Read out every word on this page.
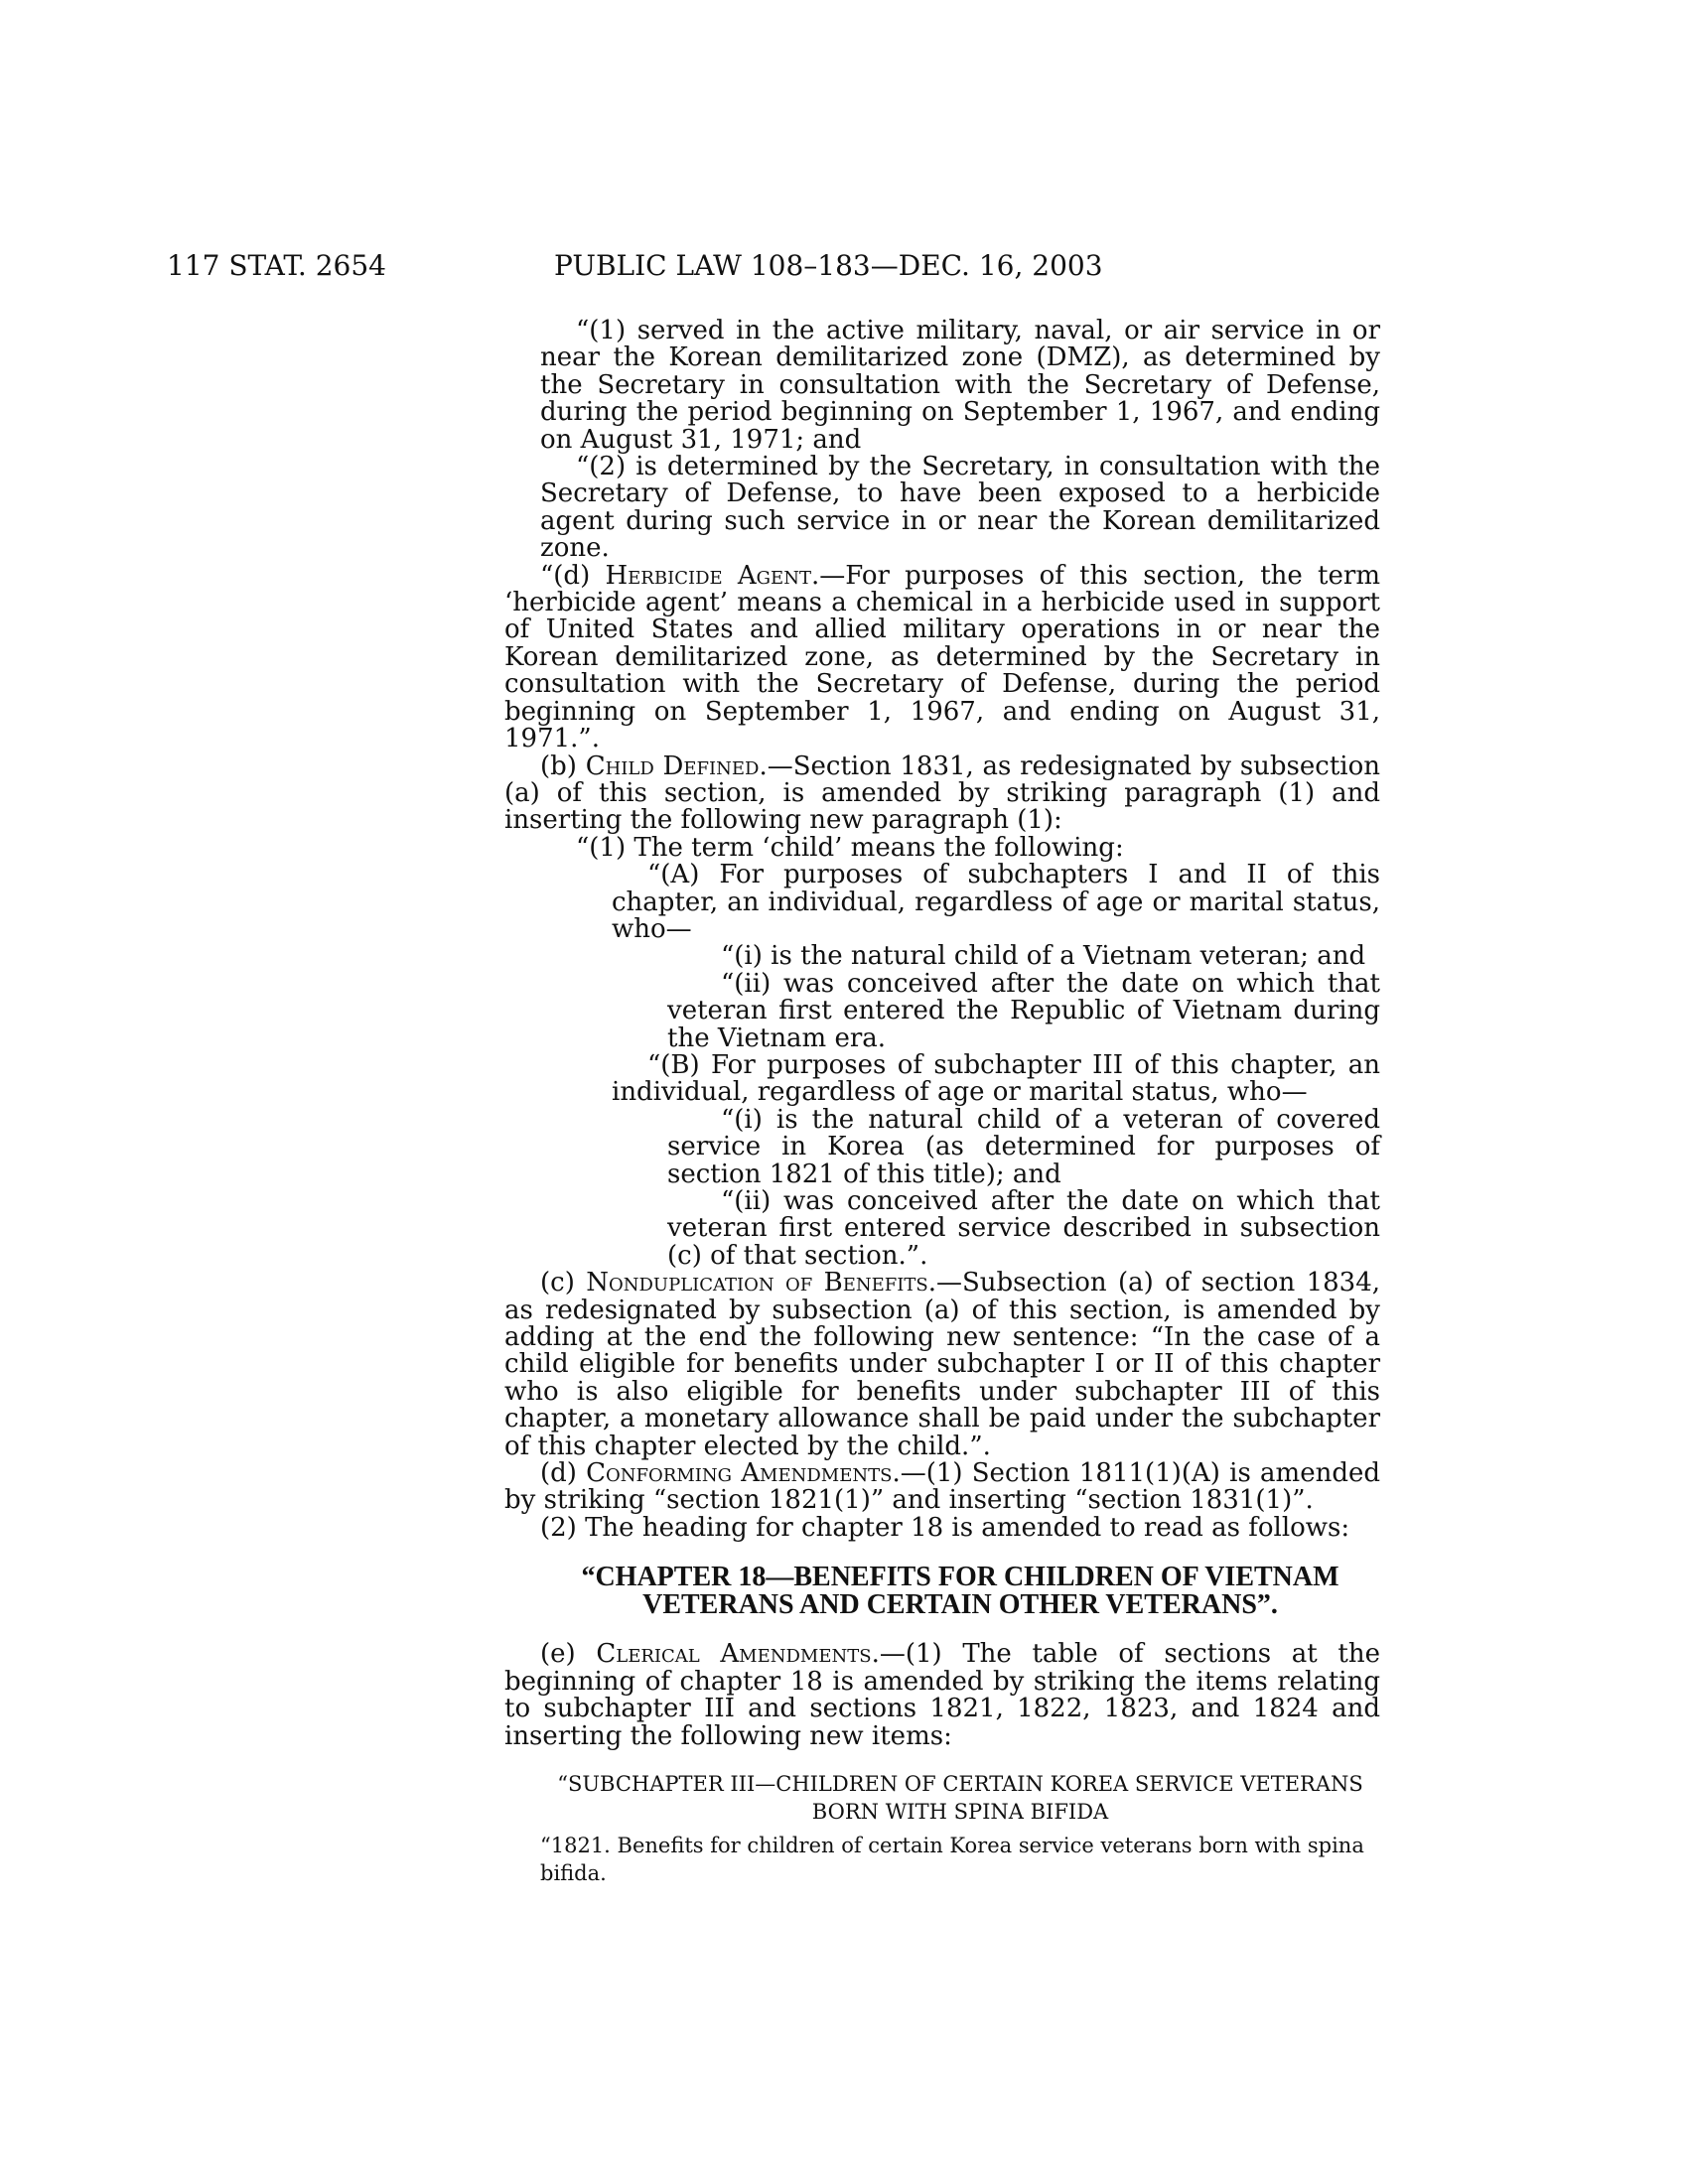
117 STAT. 2654	PUBLIC LAW 108–183—DEC. 16, 2003

“(1) served in the active military, naval, or air service in or near the Korean demilitarized zone (DMZ), as determined by the Secretary in consultation with the Secretary of Defense, during the period beginning on September 1, 1967, and ending on August 31, 1971; and

“(2) is determined by the Secretary, in consultation with the Secretary of Defense, to have been exposed to a herbicide agent during such service in or near the Korean demilitarized zone.

“(d) Herbicide Agent.—For purposes of this section, the term ‘herbicide agent’ means a chemical in a herbicide used in support of United States and allied military operations in or near the Korean demilitarized zone, as determined by the Secretary in consultation with the Secretary of Defense, during the period beginning on September 1, 1967, and ending on August 31, 1971.”.

(b) Child Defined.—Section 1831, as redesignated by subsection (a) of this section, is amended by striking paragraph (1) and inserting the following new paragraph (1):

“(1) The term ‘child’ means the following:

“(A) For purposes of subchapters I and II of this chapter, an individual, regardless of age or marital status, who—

“(i) is the natural child of a Vietnam veteran; and

“(ii) was conceived after the date on which that veteran first entered the Republic of Vietnam during the Vietnam era.

“(B) For purposes of subchapter III of this chapter, an individual, regardless of age or marital status, who—

“(i) is the natural child of a veteran of covered service in Korea (as determined for purposes of section 1821 of this title); and

“(ii) was conceived after the date on which that veteran first entered service described in subsection (c) of that section.”.

(c) Nonduplication of Benefits.—Subsection (a) of section 1834, as redesignated by subsection (a) of this section, is amended by adding at the end the following new sentence: “In the case of a child eligible for benefits under subchapter I or II of this chapter who is also eligible for benefits under subchapter III of this chapter, a monetary allowance shall be paid under the subchapter of this chapter elected by the child.”.

(d) Conforming Amendments.—(1) Section 1811(1)(A) is amended by striking “section 1821(1)” and inserting “section 1831(1)”.

(2) The heading for chapter 18 is amended to read as follows:

“CHAPTER 18—BENEFITS FOR CHILDREN OF VIETNAM

VETERANS AND CERTAIN OTHER VETERANS”.

(e) Clerical Amendments.—(1) The table of sections at the beginning of chapter 18 is amended by striking the items relating to subchapter III and sections 1821, 1822, 1823, and 1824 and inserting the following new items:

“SUBCHAPTER III—CHILDREN OF CERTAIN KOREA SERVICE VETERANS

BORN WITH SPINA BIFIDA

“1821. Benefits for children of certain Korea service veterans born with spina bifida.
